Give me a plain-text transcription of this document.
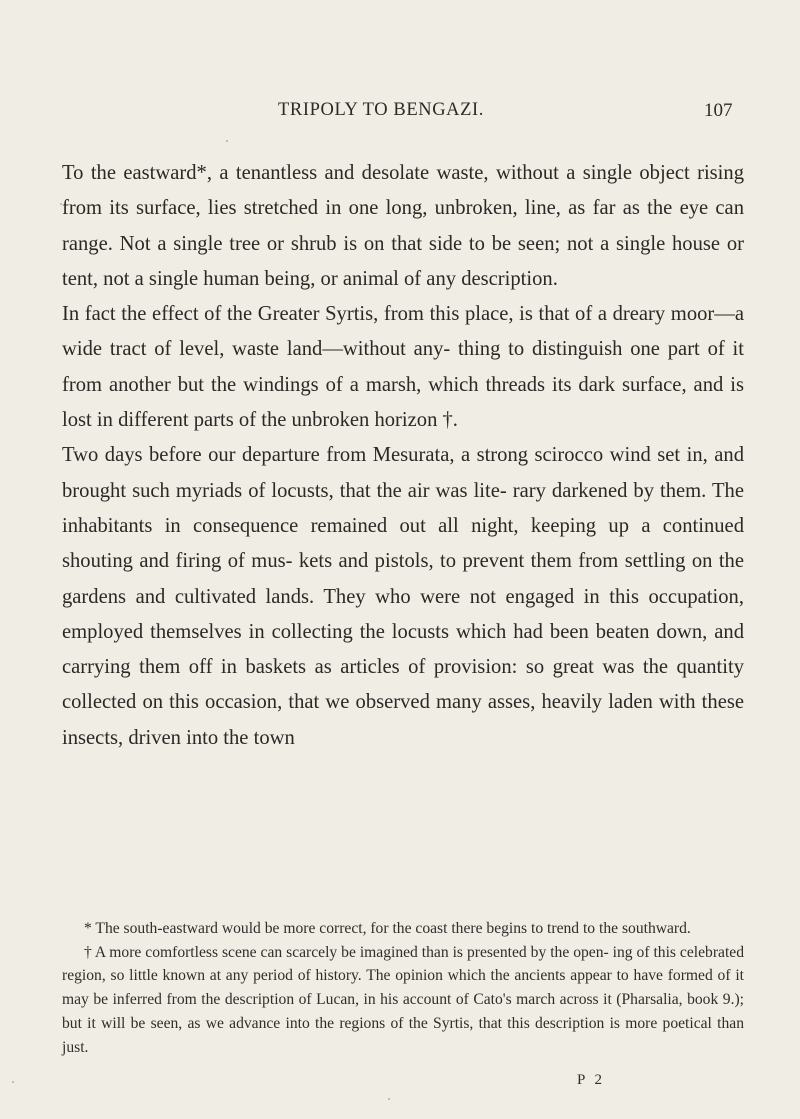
TRIPOLY TO BENGAZI.	107

To the eastward*, a tenantless and desolate waste, without a single object rising from its surface, lies stretched in one long, unbroken, line, as far as the eye can range. Not a single tree or shrub is on that side to be seen; not a single house or tent, not a single human being, or animal of any description.

In fact the effect of the Greater Syrtis, from this place, is that of a dreary moor—a wide tract of level, waste land—without any- thing to distinguish one part of it from another but the windings of a marsh, which threads its dark surface, and is lost in different parts of the unbroken horizon †.

Two days before our departure from Mesurata, a strong scirocco wind set in, and brought such myriads of locusts, that the air was lite- rary darkened by them. The inhabitants in consequence remained out all night, keeping up a continued shouting and firing of mus- kets and pistols, to prevent them from settling on the gardens and cultivated lands. They who were not engaged in this occupation, employed themselves in collecting the locusts which had been beaten down, and carrying them off in baskets as articles of provision: so great was the quantity collected on this occasion, that we observed many asses, heavily laden with these insects, driven into the town

* The south-eastward would be more correct, for the coast there begins to trend to the southward.

† A more comfortless scene can scarcely be imagined than is presented by the open- ing of this celebrated region, so little known at any period of history. The opinion which the ancients appear to have formed of it may be inferred from the description of Lucan, in his account of Cato's march across it (Pharsalia, book 9.); but it will be seen, as we advance into the regions of the Syrtis, that this description is more poetical than just.

P 2
